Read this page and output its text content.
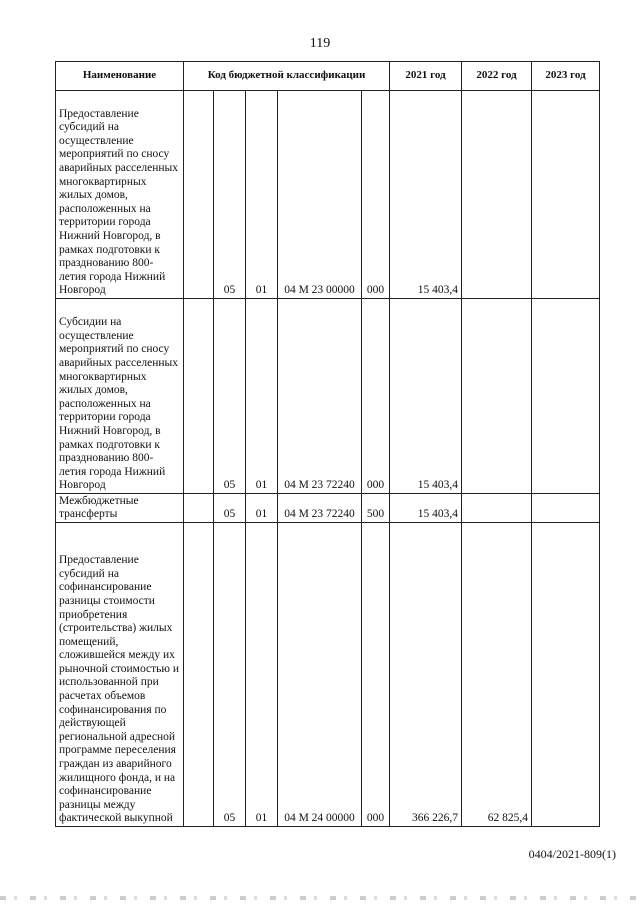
119
Наименование	Код бюджетной классификации					2021 год	2022 год	2023 год
Предоставление субсидий на осуществление мероприятий по сносу аварийных расселенных многоквартирных жилых домов, расположенных на территории города Нижний Новгород, в рамках подготовки к празднованию 800-летия города Нижний Новгород		05	01	04 М 23 00000	000	15 403,4		
Субсидии на осуществление мероприятий по сносу аварийных расселенных многоквартирных жилых домов, расположенных на территории города Нижний Новгород, в рамках подготовки к празднованию 800-летия города Нижний Новгород		05	01	04 М 23 72240	000	15 403,4		
Межбюджетные трансферты		05	01	04 М 23 72240	500	15 403,4		
Предоставление субсидий на софинансирование разницы стоимости приобретения (строительства) жилых помещений, сложившейся между их рыночной стоимостью и использованной при расчетах объемов софинансирования по действующей региональной адресной программе переселения граждан из аварийного жилищного фонда, и на софинансирование разницы между фактической выкупной		05	01	04 М 24 00000	000	366 226,7	62 825,4	
0404/2021-809(1)
